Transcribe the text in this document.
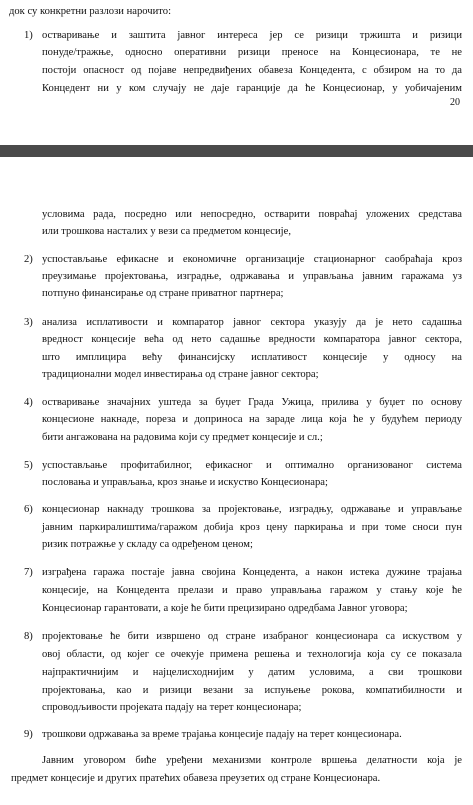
док су конкретни разлози нарочито:
1) остваривање и заштита јавног интереса јер се ризици тржишта и ризици
понуде/тражње, односно оперативни ризици преносе на Концесионара, те не
постоји опасност од појаве непредвиђених обавеза Концедента, с обзиром на то да
Концедент ни у ком случају не даје гаранције да ће Концесионар, у уобичајеним
20
условима рада, посредно или непосредно, остварити повраћај уложених средстава
или трошкова насталих у вези са предметом концесије,
2) успостављање ефикасне и економичне организације стационарног саобраћаја кроз
преузимање пројектовања, изградње, одржавања и управљања јавним гаражама уз
потпуно финансирање од стране приватног партнера;
3) анализа исплативости и компаратор јавног сектора указују да је нето садашња
вредност концесије већа од нето садашње вредности компаратора јавног сектора,
што имплицира већу финансијску исплативост концесије у односу на
традиционални модел инвестирања од стране јавног сектора;
4) остваривање значајних уштеда за буџет Града Ужица, прилива у буџет по основу
концесионе накнаде, пореза и доприноса на зараде лица која ће у будућем периоду
бити ангажована на радовима који су предмет концесије и сл.;
5) успостављање профитабилног, ефикасног и оптимално организованог система
пословања и управљања, кроз знање и искуство Концесионара;
6) концесионар накнаду трошкова за пројектовање, изградњу, одржавање и управљање
јавним паркиралиштима/гаражом добија кроз цену паркирања и при томе сноси пун
ризик потражње у складу са одређеном ценом;
7) изграђена гаража постаје јавна својина Концедента, а након истека дужине трајања
концесије, на Концедента прелази и право управљања гаражом у стању које ће
Концесионар гарантовати, а које ће бити прецизирано одредбама Јавног уговора;
8) пројектовање ће бити извршено од стране изабраног концесионара са искуством у
овој области, од којег се очекује примена решења и технологија која су се показала
најпрактичнијим и најцелисходнијим у датим условима, а сви трошкови
пројектовања, као и ризици везани за испуњење рокова, компатибилности и
спроводљивости пројеката падају на терет концесионара;
9) трошкови одржавања за време трајања концесије падају на терет концесионара.
Јавним уговором биће уређени механизми контроле вршења делатности која је
предмет концесије и других пратећих обавеза преузетих од стране Концесионара.
